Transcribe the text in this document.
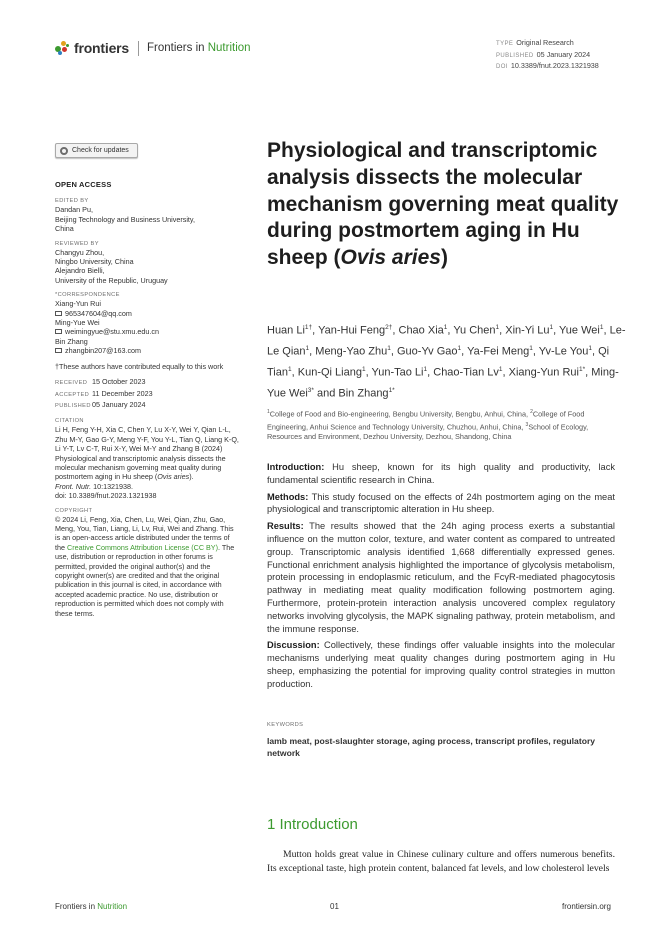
frontiers Frontiers in Nutrition	TYPE Original Research
PUBLISHED 05 January 2024
DOI 10.3389/fnut.2023.1321938
Check for updates
OPEN ACCESS
EDITED BY
Dandan Pu,
Beijing Technology and Business University,
China
REVIEWED BY
Changyu Zhou,
Ningbo University, China
Alejandro Bielli,
University of the Republic, Uruguay
*CORRESPONDENCE
Xiang-Yun Rui
965347604@qq.com
Ming-Yue Wei
weimingyue@stu.xmu.edu.cn
Bin Zhang
zhangbin207@163.com
†These authors have contributed equally to this work
RECEIVED 15 October 2023
ACCEPTED 11 December 2023
PUBLISHED05 January 2024
CITATION
Li H, Feng Y-H, Xia C, Chen Y, Lu X-Y, Wei Y, Qian L-L, Zhu M-Y, Gao G-Y, Meng Y-F, You Y-L, Tian Q, Liang K-Q, Li Y-T, Lv C-T, Rui X-Y, Wei M-Y and Zhang B (2024) Physiological and transcriptomic analysis dissects the molecular mechanism governing meat quality during postmortem aging in Hu sheep (Ovis aries).
Front. Nutr. 10:1321938.
doi: 10.3389/fnut.2023.1321938
COPYRIGHT
© 2024 Li, Feng, Xia, Chen, Lu, Wei, Qian, Zhu, Gao, Meng, You, Tian, Liang, Li, Lv, Rui, Wei and Zhang. This is an open-access article distributed under the terms of the Creative Commons Attribution License (CC BY). The use, distribution or reproduction in other forums is permitted, provided the original author(s) and the copyright owner(s) are credited and that the original publication in this journal is cited, in accordance with accepted academic practice. No use, distribution or reproduction is permitted which does not comply with these terms.
Physiological and transcriptomic analysis dissects the molecular mechanism governing meat quality during postmortem aging in Hu sheep (Ovis aries)
Huan $Li^{1\dagger}$, Yan-Hui Feng$^{2\dagger}$, Chao Xia$^1$, Yu Chen$^1$, Xin-Yi Lu$^1$, Yue Wei$^1$, Le-Le Qian$^1$, Meng-Yao Zhu$^1$, Guo-Yv Gao$^1$, Ya-Fei Meng$^1$, Yv-Le You$^1$, Qi Tian$^1$, Kun-Qi Liang$^1$, Yun-Tao Li$^1$, Chao-Tian Lv$^1$, Xiang-Yun Rui$^{1*}$, Ming-Yue Wei$^{3*}$ and Bin Zhang$^{1*}$
$^1$College of Food and Bio-engineering, Bengbu University, Bengbu, Anhui, China, $^2$College of Food Engineering, Anhui Science and Technology University, Chuzhou, Anhui, China, $^3$School of Ecology, Resources and Environment, Dezhou University, Dezhou, Shandong, China

Introduction: Hu sheep, known for its high quality and productivity, lack fundamental scientific research in China.

Methods: This study focused on the effects of 24h postmortem aging on the meat physiological and transcriptomic alteration in Hu sheep.

Results: The results showed that the 24h aging process exerts a substantial influence on the mutton color, texture, and water content as compared to untreated group. Transcriptomic analysis identified 1,668 differentially expressed genes. Functional enrichment analysis highlighted the importance of glycolysis metabolism, protein processing in endoplasmic reticulum, and the FcγR-mediated phagocytosis pathway in mediating meat quality modification following postmortem aging. Furthermore, protein-protein interaction analysis uncovered complex regulatory networks involving glycolysis, the MAPK signaling pathway, protein metabolism, and the immune response.

Discussion: Collectively, these findings offer valuable insights into the molecular mechanisms underlying meat quality changes during postmortem aging in Hu sheep, emphasizing the potential for improving quality control strategies in mutton production.

KEYWORDS
lamb meat, post-slaughter storage, aging process, transcript profiles, regulatory network
1 Introduction
Mutton holds great value in Chinese culinary culture and offers numerous benefits. Its exceptional taste, high protein content, balanced fat levels, and low cholesterol levels
Frontiers in Nutrition	01	frontiersin.org
